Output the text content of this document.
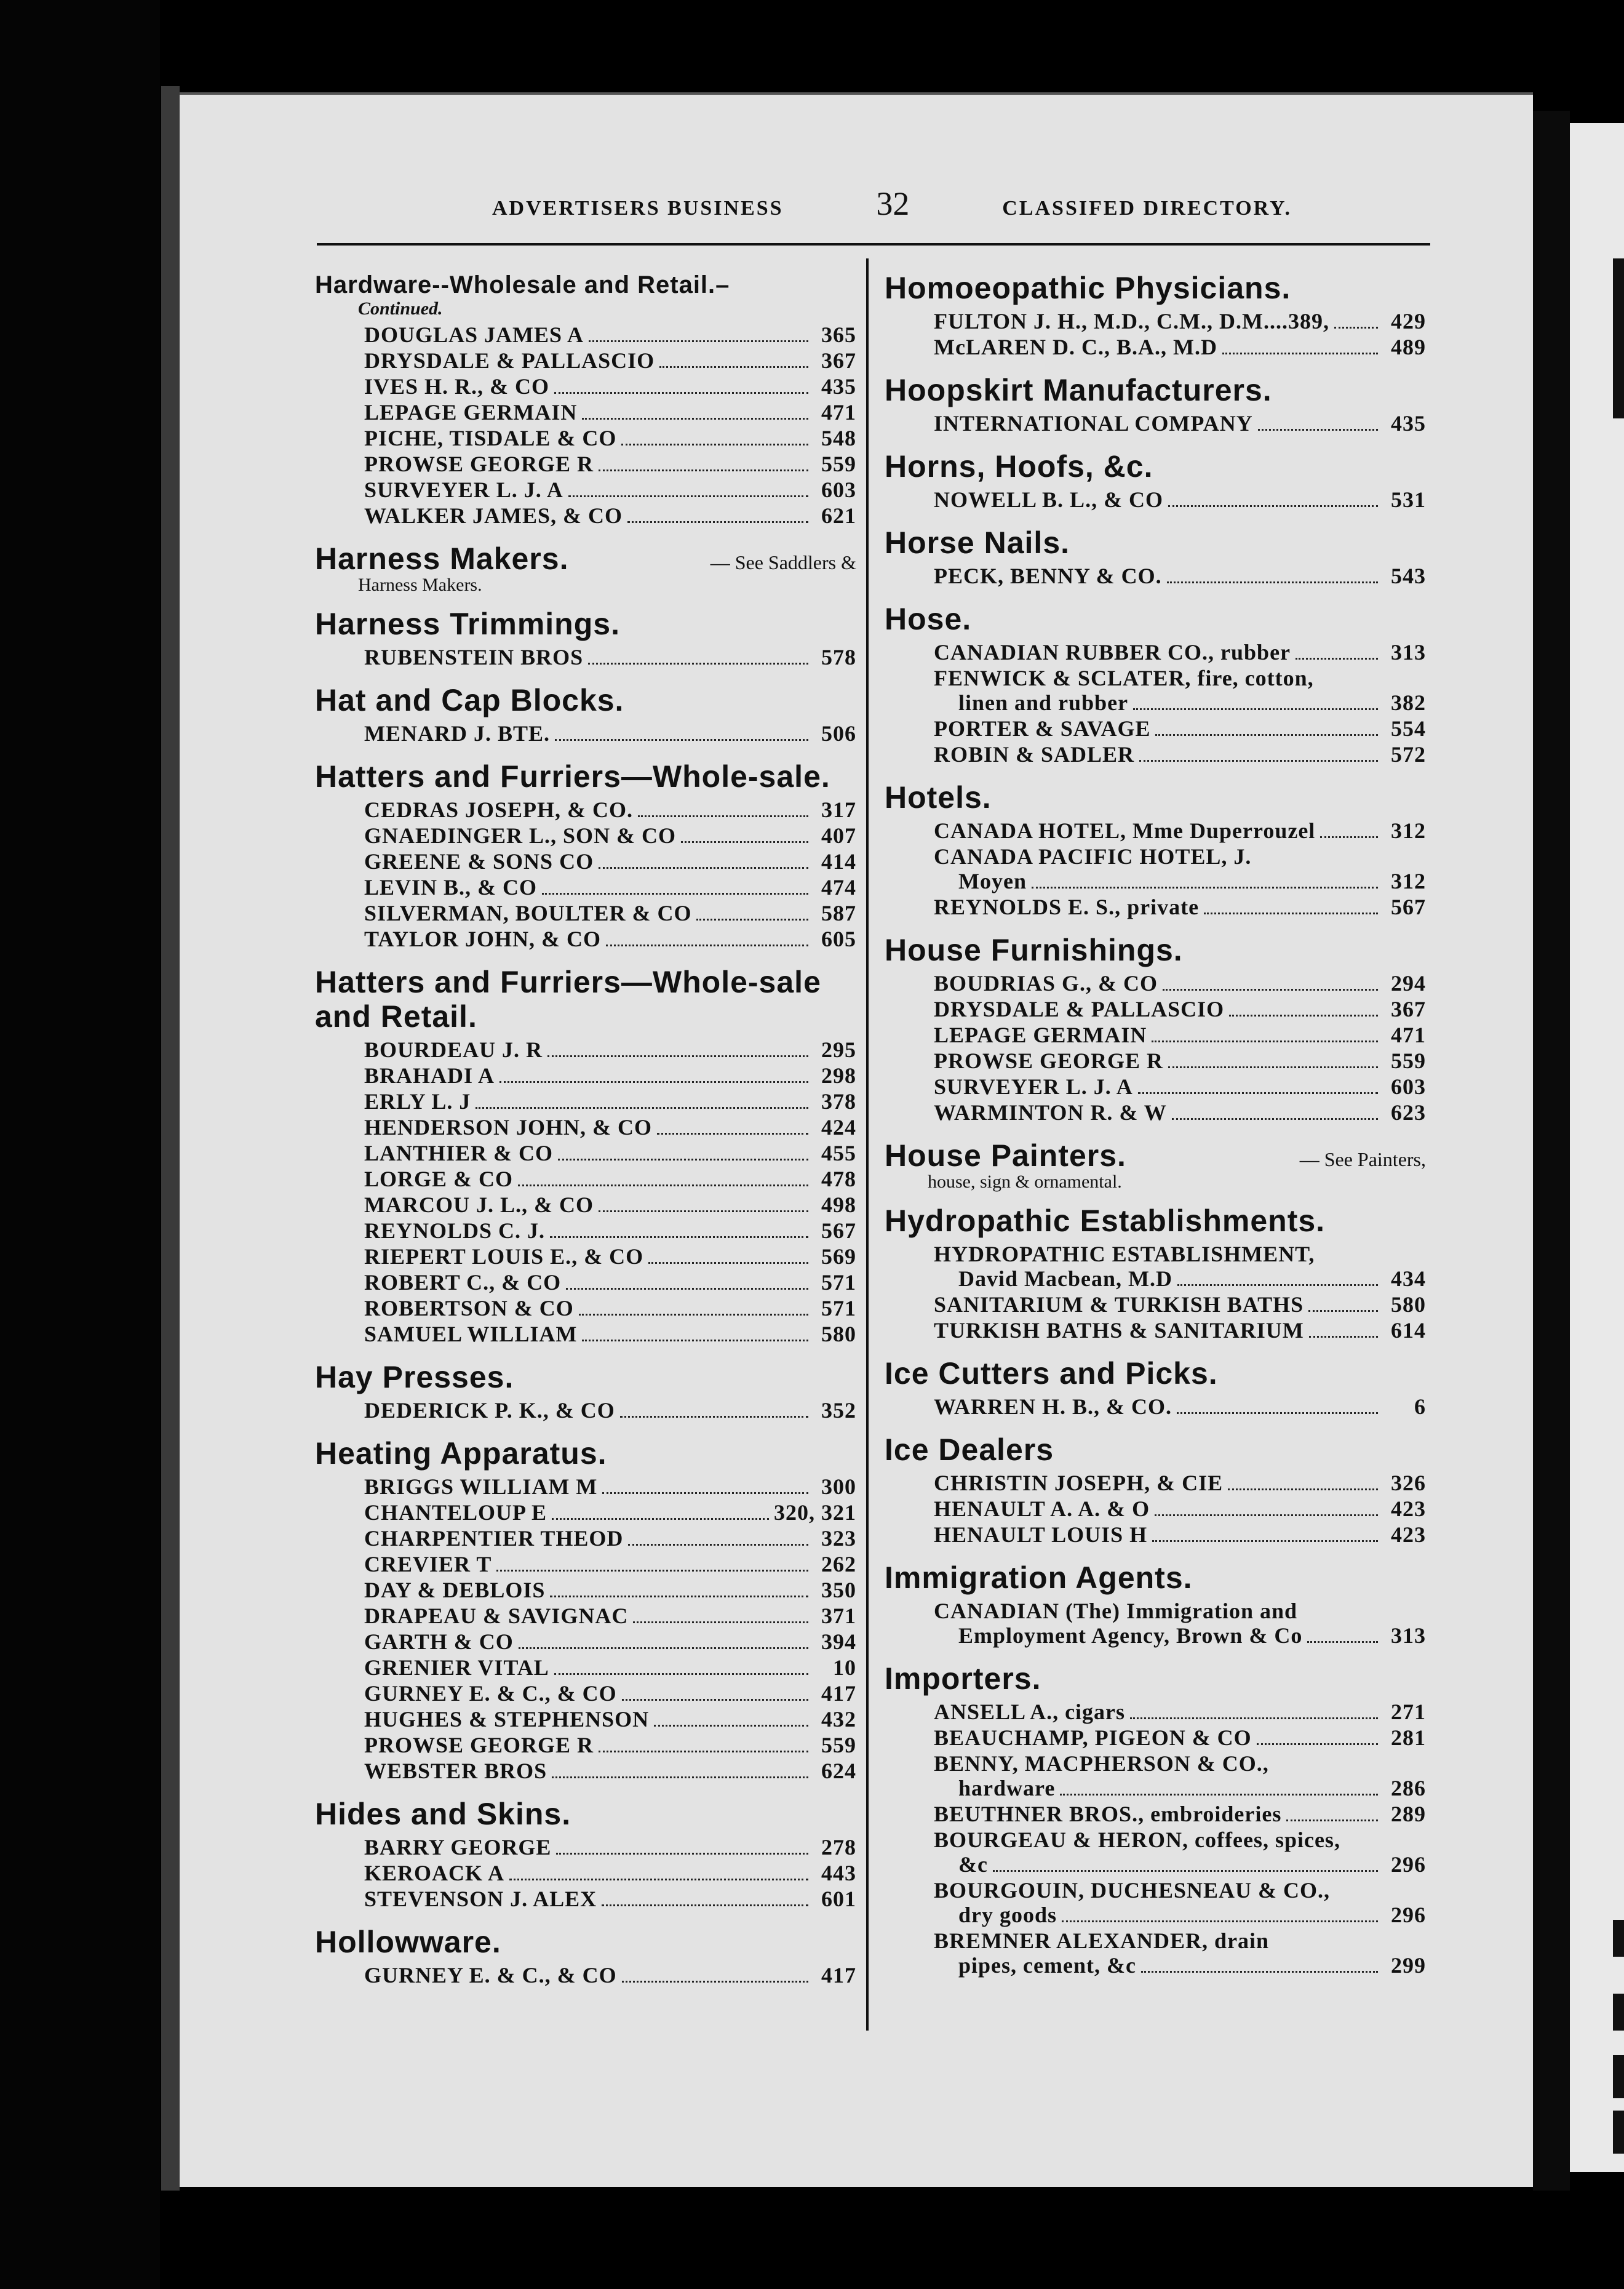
ADVERTISERS BUSINESS	32	CLASSIFED DIRECTORY.
Hardware--Wholesale and Retail.–
Continued.
DOUGLAS JAMES A	365
DRYSDALE & PALLASCIO	367
IVES H. R., & CO	435
LEPAGE GERMAIN	471
PICHE, TISDALE & CO	548
PROWSE GEORGE R	559
SURVEYER L. J. A	603
WALKER JAMES, & CO	621
Harness Makers.	— See Saddlers &
Harness Makers.
Harness Trimmings.
RUBENSTEIN BROS	578
Hat and Cap Blocks.
MENARD J. BTE.	506
Hatters and Furriers—Whole-sale.
CEDRAS JOSEPH, & CO.	317
GNAEDINGER L., SON & CO	407
GREENE & SONS CO	414
LEVIN B., & CO	474
SILVERMAN, BOULTER & CO	587
TAYLOR JOHN, & CO	605
Hatters and Furriers—Whole-sale and Retail.
BOURDEAU J. R	295
BRAHADI A	298
ERLY L. J	378
HENDERSON JOHN, & CO	424
LANTHIER & CO	455
LORGE & CO	478
MARCOU J. L., & CO	498
REYNOLDS C. J.	567
RIEPERT LOUIS E., & CO	569
ROBERT C., & CO	571
ROBERTSON & CO	571
SAMUEL WILLIAM	580
Hay Presses.
DEDERICK P. K., & CO	352
Heating Apparatus.
BRIGGS WILLIAM M	300
CHANTELOUP E	320, 321
CHARPENTIER THEOD	323
CREVIER T	262
DAY & DEBLOIS	350
DRAPEAU & SAVIGNAC	371
GARTH & CO	394
GRENIER VITAL	10
GURNEY E. & C., & CO	417
HUGHES & STEPHENSON	432
PROWSE GEORGE R	559
WEBSTER BROS	624
Hides and Skins.
BARRY GEORGE	278
KEROACK A	443
STEVENSON J. ALEX	601
Hollowware.
GURNEY E. & C., & CO	417
Homoeopathic Physicians.
FULTON J. H., M.D., C.M., D.M....389,	429
McLAREN D. C., B.A., M.D	489
Hoopskirt Manufacturers.
INTERNATIONAL COMPANY	435
Horns, Hoofs, &c.
NOWELL B. L., & CO	531
Horse Nails.
PECK, BENNY & CO.	543
Hose.
CANADIAN RUBBER CO., rubber	313
FENWICK & SCLATER, fire, cotton,
linen and rubber	382
PORTER & SAVAGE	554
ROBIN & SADLER	572
Hotels.
CANADA HOTEL, Mme Duperrouzel	312
CANADA PACIFIC HOTEL, J.
Moyen	312
REYNOLDS E. S., private	567
House Furnishings.
BOUDRIAS G., & CO	294
DRYSDALE & PALLASCIO	367
LEPAGE GERMAIN	471
PROWSE GEORGE R	559
SURVEYER L. J. A	603
WARMINTON R. & W	623
House Painters.	— See Painters,
house, sign & ornamental.
Hydropathic Establishments.
HYDROPATHIC ESTABLISHMENT,
David Macbean, M.D	434
SANITARIUM & TURKISH BATHS	580
TURKISH BATHS & SANITARIUM	614
Ice Cutters and Picks.
WARREN H. B., & CO.	6
Ice Dealers
CHRISTIN JOSEPH, & CIE	326
HENAULT A. A. & O	423
HENAULT LOUIS H	423
Immigration Agents.
CANADIAN (The) Immigration and
Employment Agency, Brown & Co	313
Importers.
ANSELL A., cigars	271
BEAUCHAMP, PIGEON & CO	281
BENNY, MACPHERSON & CO.,
hardware	286
BEUTHNER BROS., embroideries	289
BOURGEAU & HERON, coffees, spices,
&c	296
BOURGOUIN, DUCHESNEAU & CO.,
dry goods	296
BREMNER ALEXANDER, drain
pipes, cement, &c	299
